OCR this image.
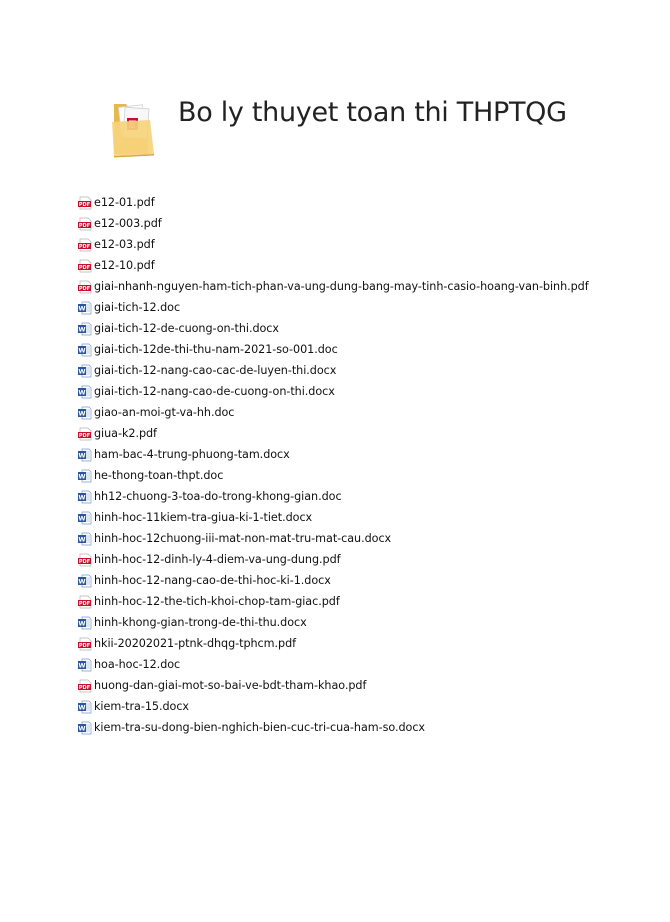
Bo ly thuyet toan thi THPTQG
PDF e12-01.pdf
PDF e12-003.pdf
PDF e12-03.pdf
PDF e12-10.pdf
PDF giai-nhanh-nguyen-ham-tich-phan-va-ung-dung-bang-may-tinh-casio-hoang-van-binh.pdf
W giai-tich-12.doc
W giai-tich-12-de-cuong-on-thi.docx
W giai-tich-12de-thi-thu-nam-2021-so-001.doc
W giai-tich-12-nang-cao-cac-de-luyen-thi.docx
W giai-tich-12-nang-cao-de-cuong-on-thi.docx
W giao-an-moi-gt-va-hh.doc
PDF giua-k2.pdf
W ham-bac-4-trung-phuong-tam.docx
W he-thong-toan-thpt.doc
W hh12-chuong-3-toa-do-trong-khong-gian.doc
W hinh-hoc-11kiem-tra-giua-ki-1-tiet.docx
W hinh-hoc-12chuong-iii-mat-non-mat-tru-mat-cau.docx
PDF hinh-hoc-12-dinh-ly-4-diem-va-ung-dung.pdf
W hinh-hoc-12-nang-cao-de-thi-hoc-ki-1.docx
PDF hinh-hoc-12-the-tich-khoi-chop-tam-giac.pdf
W hinh-khong-gian-trong-de-thi-thu.docx
PDF hkii-20202021-ptnk-dhqg-tphcm.pdf
W hoa-hoc-12.doc
PDF huong-dan-giai-mot-so-bai-ve-bdt-tham-khao.pdf
W kiem-tra-15.docx
W kiem-tra-su-dong-bien-nghich-bien-cuc-tri-cua-ham-so.docx
